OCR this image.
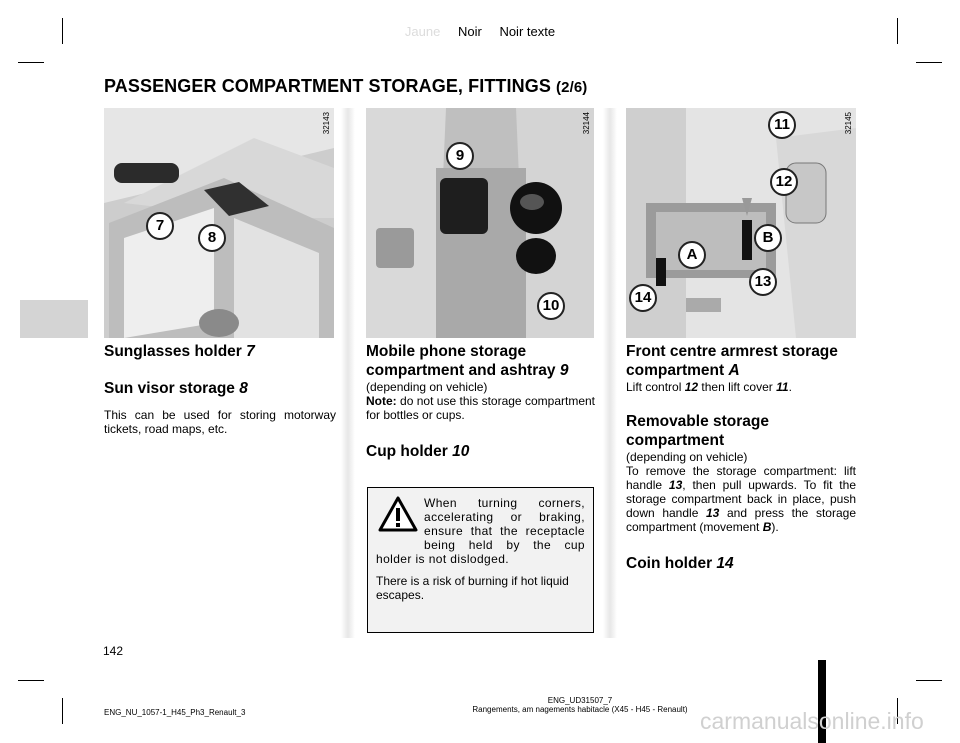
Jaune Noir Noir texte
PASSENGER COMPARTMENT STORAGE, FITTINGS (2/6)
32143
7
8
32144
9
10
32145
11
12
B
A
13
14
Sunglasses holder 7
Sun visor storage 8
This can be used for storing motorway tickets, road maps, etc.
Mobile phone storage
compartment and ashtray 9
(depending on vehicle)
Note: do not use this storage compartment for bottles or cups.
Cup holder 10
When turning corners, accelerating or braking, ensure that the receptacle being held by the cup holder is not dislodged.
There is a risk of burning if hot liquid escapes.
Front centre armrest storage
compartment A
Lift control 12 then lift cover 11.
Removable storage
compartment
(depending on vehicle)
To remove the storage compartment: lift handle 13, then pull upwards. To fit the storage compartment back in place, push down handle 13 and press the storage compartment (movement B).
Coin holder 14
142
ENG_NU_1057-1_H45_Ph3_Renault_3
ENG_UD31507_7
Rangements, am nagements habitacle (X45 - H45 - Renault) carmanualsonline.info
